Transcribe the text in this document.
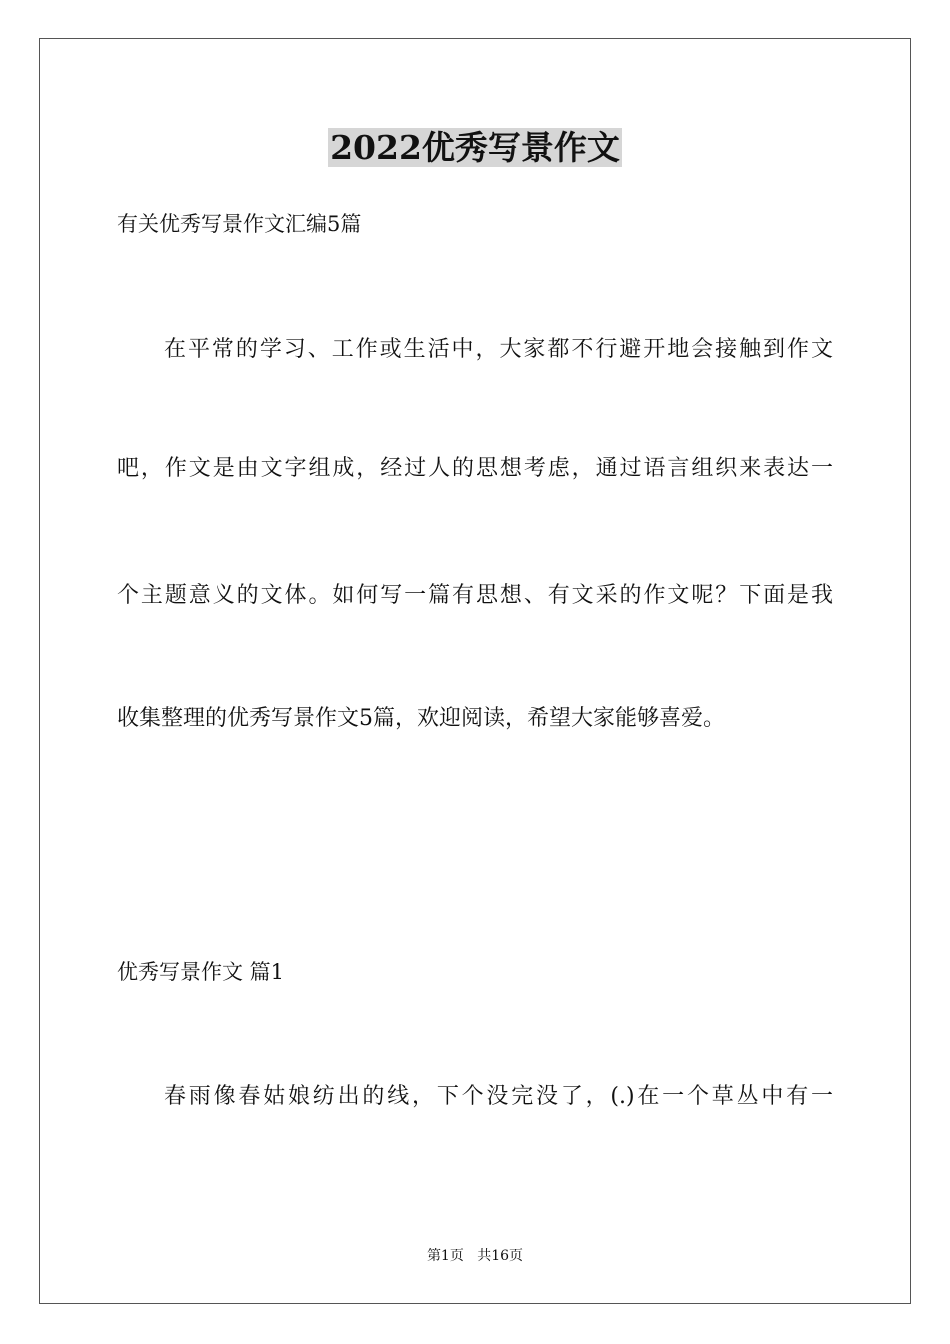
2022优秀写景作文
有关优秀写景作文汇编5篇
在平常的学习、工作或生活中，大家都不行避开地会接触到作文
吧，作文是由文字组成，经过人的思想考虑，通过语言组织来表达一
个主题意义的文体。如何写一篇有思想、有文采的作文呢？下面是我
收集整理的优秀写景作文5篇，欢迎阅读，希望大家能够喜爱。
优秀写景作文 篇1
春雨像春姑娘纺出的线，下个没完没了，(.)在一个草丛中有一
第1页 共16页
